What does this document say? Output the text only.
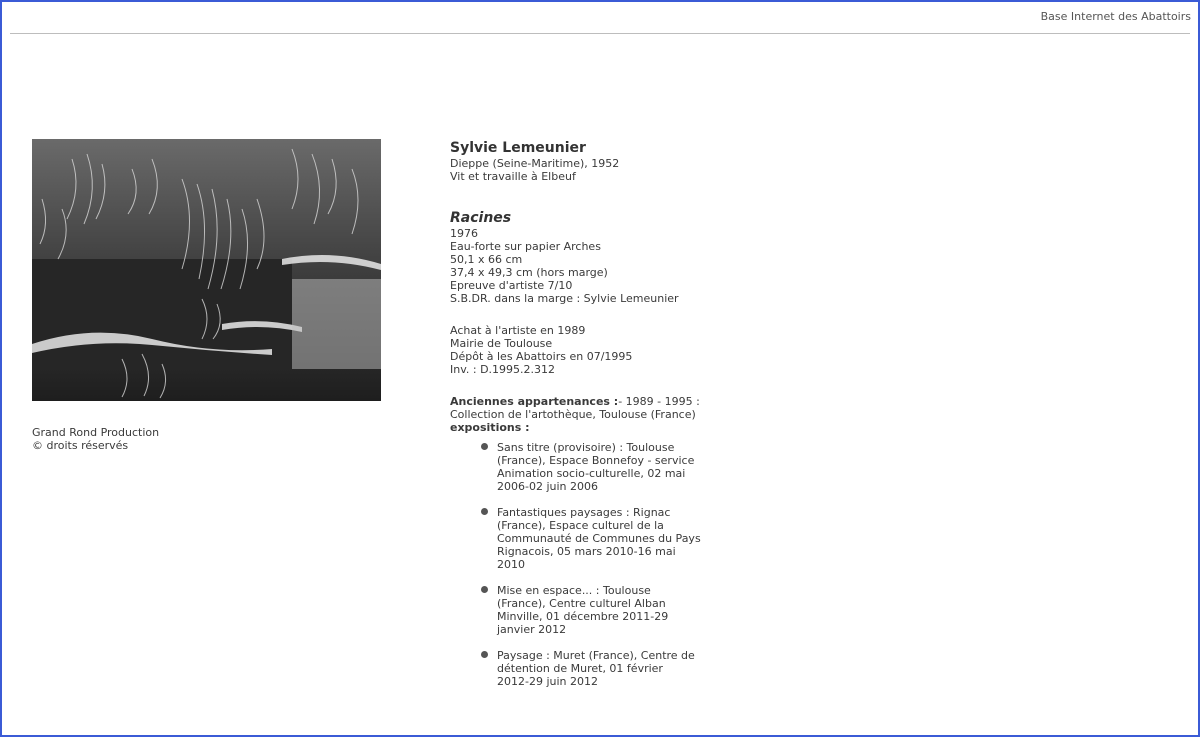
Base Internet des Abattoirs
Grand Rond Production
© droits réservés
Sylvie Lemeunier
Dieppe (Seine-Maritime), 1952
Vit et travaille à Elbeuf
Racines
1976
Eau-forte sur papier Arches
50,1 x 66 cm
37,4 x 49,3 cm (hors marge)
Epreuve d'artiste 7/10
S.B.DR. dans la marge : Sylvie Lemeunier
Achat à l'artiste en 1989
Mairie de Toulouse
Dépôt à les Abattoirs en 07/1995
Inv. : D.1995.2.312
Anciennes appartenances :- 1989 - 1995 :
Collection de l'artothèque, Toulouse (France)
expositions :
Sans titre (provisoire) : Toulouse
(France), Espace Bonnefoy - service
Animation socio-culturelle, 02 mai
2006-02 juin 2006
Fantastiques paysages : Rignac
(France), Espace culturel de la
Communauté de Communes du Pays
Rignacois, 05 mars 2010-16 mai
2010
Mise en espace... : Toulouse
(France), Centre culturel Alban
Minville, 01 décembre 2011-29
janvier 2012
Paysage : Muret (France), Centre de
détention de Muret, 01 février
2012-29 juin 2012
